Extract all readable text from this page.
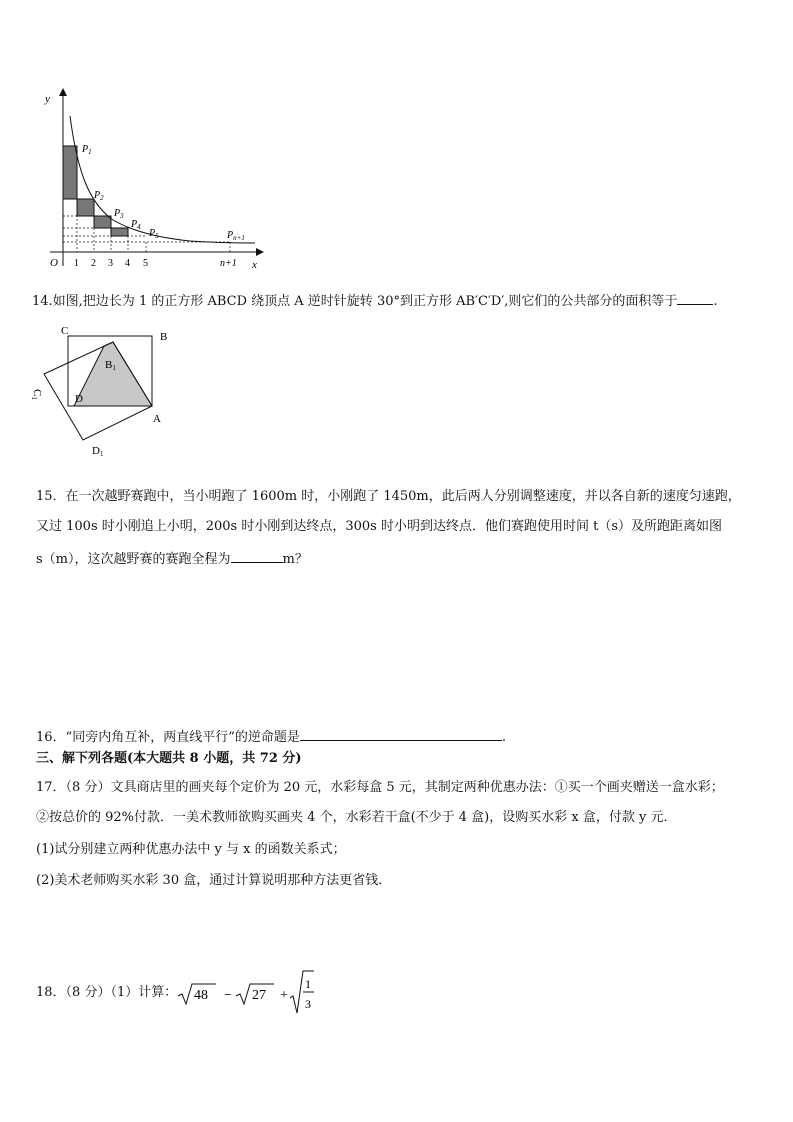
y
x
O 1 2 3 4 5	n+1
$P_1$
$P_2$
$P_3$
$P_4$
$P_5$	$P_{n+1}$
14.如图,把边长为 1 的正方形 ABCD 绕顶点 A 逆时针旋转 30°到正方形 AB′C′D′,则它们的公共部分的面积等于	.
C	B
B1
C1	D
A
D1
15．在一次越野赛跑中，当小明跑了 1600m 时，小刚跑了 1450m，此后两人分别调整速度，并以各自新的速度匀速跑，
又过 100s 时小刚追上小明，200s 时小刚到达终点，300s 时小明到达终点．他们赛跑使用时间 t（s）及所跑距离如图
s（m），这次越野赛的赛跑全程为	m？
16．“同旁内角互补，两直线平行”的逆命题是	.
三、解下列各题(本大题共 8 小题，共 72 分)
17．（8 分）文具商店里的画夹每个定价为 20 元，水彩每盒 5 元，其制定两种优惠办法：①买一个画夹赠送一盒水彩；
②按总价的 92%付款．一美术教师欲购买画夹 4 个，水彩若干盒(不少于 4 盒)，设购买水彩 x 盒，付款 y 元．
(1)试分别建立两种优惠办法中 y 与 x 的函数关系式；
(2)美术老师购买水彩 30 盒，通过计算说明那种方法更省钱．
18．（8 分）（1）计算： 48 − 27 +
1
3
